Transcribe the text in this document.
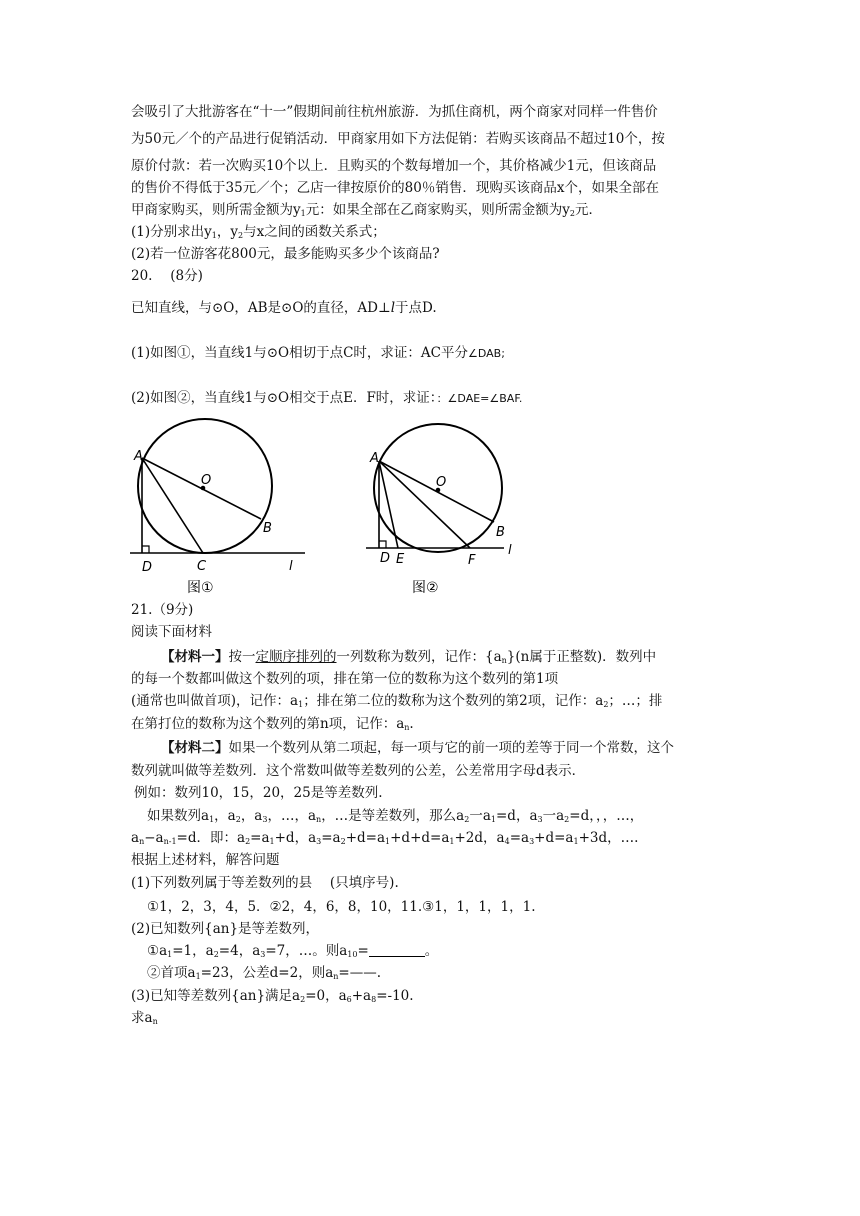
会吸引了大批游客在“十一”假期间前往杭州旅游．为抓住商机，两个商家对同样一件售价
为50元／个的产品进行促销活动．甲商家用如下方法促销：若购买该商品不超过10个，按
原价付款：若一次购买10个以上．且购买的个数每增加一个，其价格减少1元，但该商品
的售价不得低于35元／个；乙店一律按原价的80％销售．现购买该商品x个，如果全部在
甲商家购买，则所需金额为$y_1$元：如果全部在乙商家购买，则所需金额为$y_2$元．
(1)分别求出$y_1$，$y_2$与x之间的函数关系式；
(2)若一位游客花800元，最多能购买多少个该商品?
20.　 (8分)
已知直线，与⊙O，AB是⊙O的直径，AD⊥l于点D.
(1)如图①，当直线1与⊙O相切于点C时，求证：AC平分∠DAB;
(2)如图②，当直线1与⊙O相交于点E．F时，求证：：∠DAE=∠BAF.
A
O
B
C
D	l
图①
A
O
B
D E	F
l
图②
21.（9分)
阅读下面材料
【材料一】按一定顺序排列的一列数称为数列，记作：$\{a_n\}(n$属于正整数)．数列中
的每一个数都叫做这个数列的项，排在第一位的数称为这个数列的第1项
(通常也叫做首项)，记作：$a_1$；排在第二位的数称为这个数列的第2项，记作：$a_2$；…；排
在第打位的数称为这个数列的第n项，记作：$a_n$.
【材料二】如果一个数列从第二项起，每一项与它的前一项的差等于同一个常数，这个
数列就叫做等差数列．这个常数叫做等差数列的公差，公差常用字母d表示．
例如：数列10，15，20，25是等差数列.
如果数列$a_1$，$a_2$，$a_3$，…，$a_n$，…是等差数列，那么$a_2$一$a_1=d$，$a_3$一$a_2=d$，，，…，
$a_n-a_{n-1}=d$．即：$a_2=a_1+d$，$a_3=a_2+d=a_1+d+d=a_1+2d$，$a_4=a_3+d=a_1+3d$，….
根据上述材料，解答问题
(1)下列数列属于等差数列的县　 (只填序号).
①1，2，3，4，5．②2，4，6，8，10，11.③1，1，1，1，1.
(2)已知数列{an}是等差数列，
$①a_1=1$，$a_2=4$，$a_3=7$，…。则$a_{10}=$	。
②首项$a_1=23$，公差d=2，则$a_n=——$.
(3)已知等差数列{an}满足$a_2=0$，$a_6+a_8=-10$.
求$a_n$
